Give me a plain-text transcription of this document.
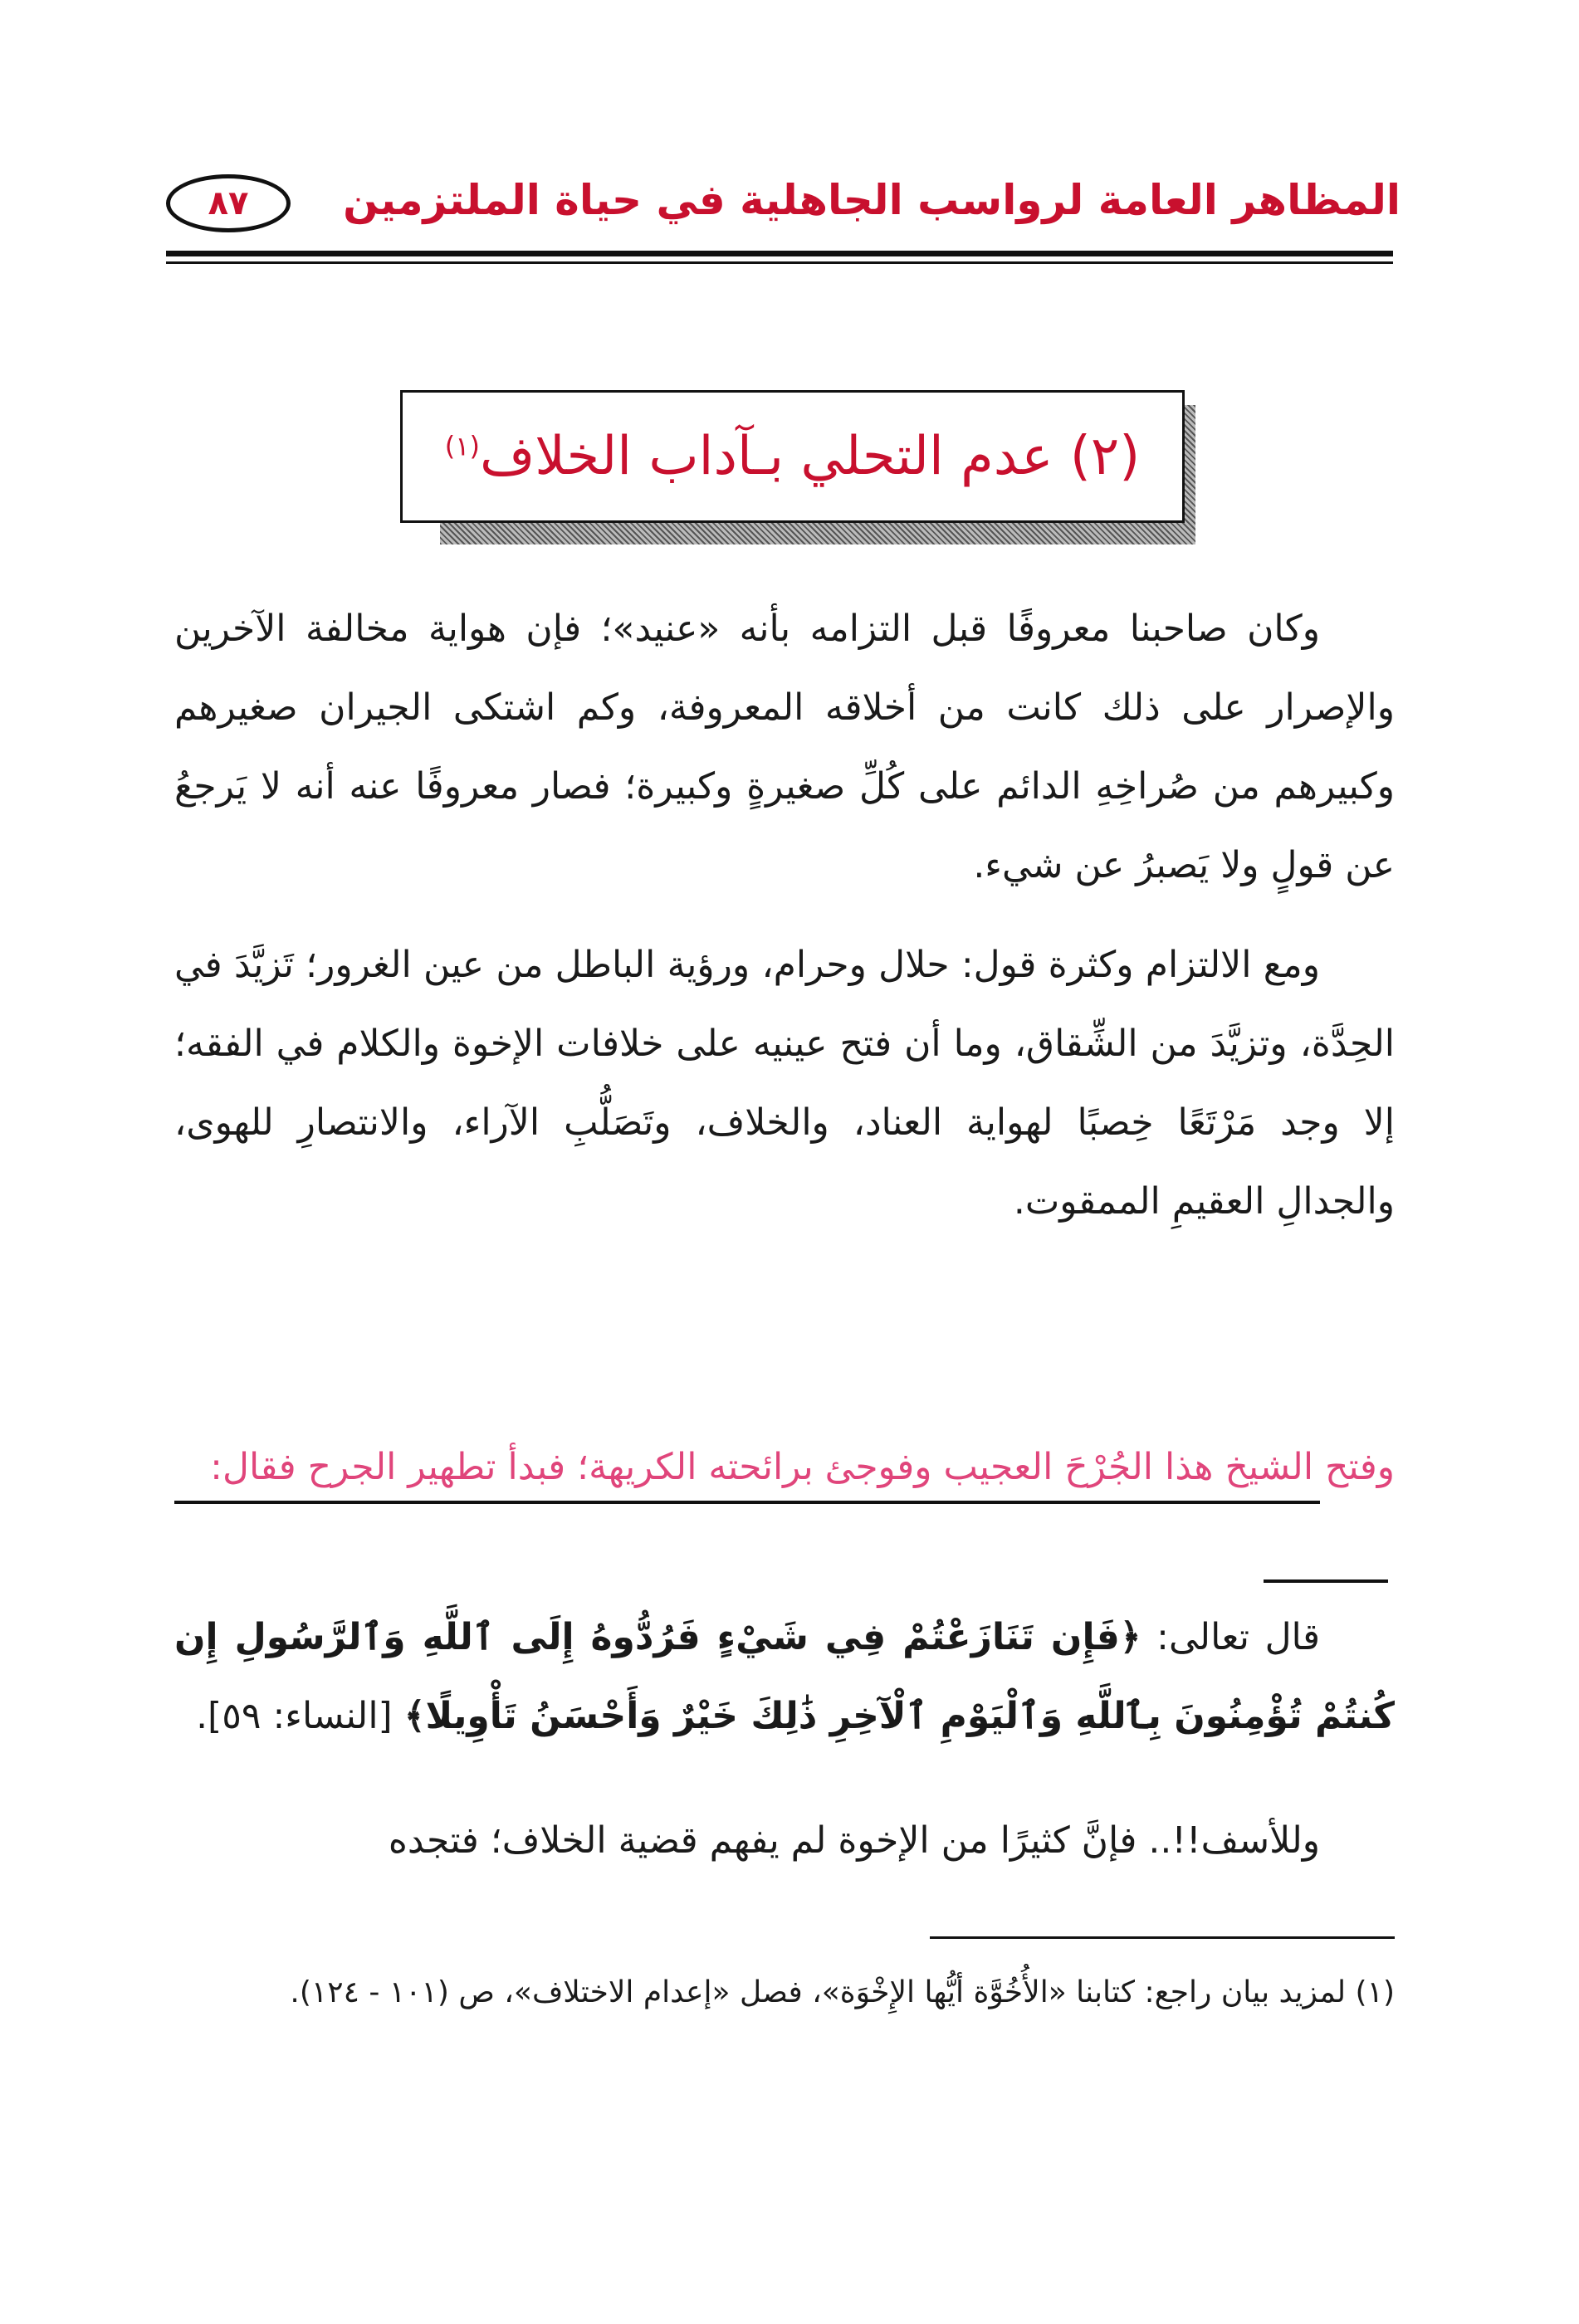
المظاهر العامة لرواسب الجاهلية في حياة الملتزمين
٨٧
(٢) عدم التحلي بـآداب الخلاف$^{(١)}$
وكان صاحبنا معروفًا قبل التزامه بأنه «عنيد»؛ فإن هواية مخالفة الآخرين والإصرار على ذلك كانت من أخلاقه المعروفة، وكم اشتكى الجيران صغيرهم وكبيرهم من صُراخِهِ الدائم على كُلِّ صغيرةٍ وكبيرة؛ فصار معروفًا عنه أنه لا يَرجعُ عن قولٍ ولا يَصبرُ عن شيء.
ومع الالتزام وكثرة قول: حلال وحرام، ورؤية الباطل من عين الغرور؛ تَزيَّدَ في الحِدَّة، وتزيَّدَ من الشِّقاق، وما أن فتح عينيه على خلافات الإخوة والكلام في الفقه؛ إلا وجد مَرْتَعًا خِصبًا لهواية العناد، والخلاف، وتَصَلُّبِ الآراء، والانتصارِ للهوى، والجدالِ العقيمِ الممقوت.
وفتح الشيخ هذا الجُرْحَ العجيب وفوجئ برائحته الكريهة؛ فبدأ تطهير الجرح فقال:
قال تعالى: ﴿فَإِن تَنَازَعْتُمْ فِي شَيْءٍ فَرُدُّوهُ إِلَى ٱللَّهِ وَٱلرَّسُولِ إِن كُنتُمْ تُؤْمِنُونَ بِٱللَّهِ وَٱلْيَوْمِ ٱلْآخِرِ ذَٰلِكَ خَيْرٌ وَأَحْسَنُ تَأْوِيلًا﴾ [النساء: ٥٩].
وللأسف!!.. فإنَّ كثيرًا من الإخوة لم يفهم قضية الخلاف؛ فتجده
(١) لمزيد بيان راجع: كتابنا «الأُخُوَّة أيُّها الإِخْوَة»، فصل «إعدام الاختلاف»، ص (١٠١ - ١٢٤).
